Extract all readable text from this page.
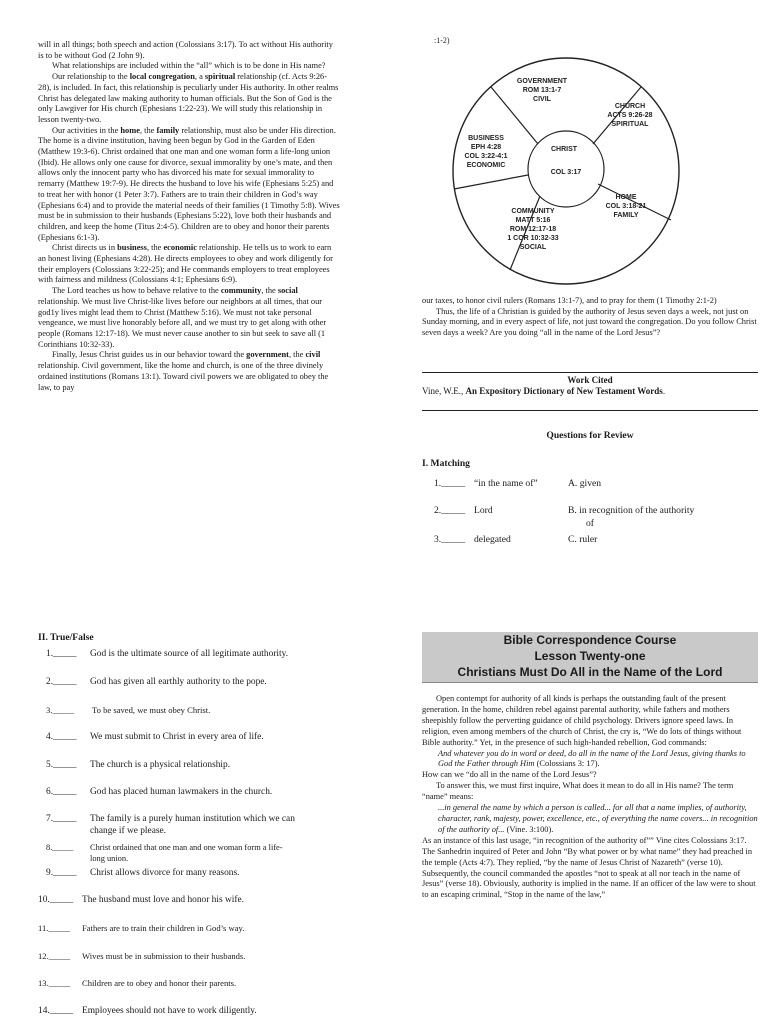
will in all things; both speech and action (Colossians 3:17). To act without His authority is to be without God (2 John 9).

What relationships are included within the “all” which is to be done in His name?

Our relationship to the local congregation, a spiritual relationship (cf. Acts 9:26-28), is included. In fact, this relationship is peculiarly under His authority. In other realms Christ has delegated law making authority to human officials. But the Son of God is the only Lawgiver for His church (Ephesians 1:22-23). We will study this relationship in lesson twenty-two.

Our activities in the home, the family relationship, must also be under His direction. The home is a divine institution, having been begun by God in the Garden of Eden (Matthew 19:3-6). Christ ordained that one man and one woman form a life-long union (Ibid). He allows only one cause for divorce, sexual immorality by one’s mate, and then allows only the innocent party who has divorced his mate for sexual immorality to remarry (Matthew 19:7-9). He directs the husband to love his wife (Ephesians 5:25) and to treat her with honor (1 Peter 3:7). Fathers are to train their children in God’s way (Ephesians 6:4) and to provide the material needs of their families (1 Timothy 5:8). Wives must be in submission to their husbands (Ephesians 5:22), love both their husbands and children, and keep the home (Titus 2:4-5). Children are to obey and honor their parents (Ephesians 6:1-3).

Christ directs us in business, the economic relationship. He tells us to work to earn an honest living (Ephesians 4:28). He directs employees to obey and work diligently for their employers (Colossians 3:22-25); and He commands employers to treat employees with fairness and mildness (Colossians 4:1; Ephesians 6:9).

The Lord teaches us how to behave relative to the community, the social relationship. We must live Christ-like lives before our neighbors at all times, that our god1y lives might lead them to Christ (Matthew 5:16). We must not take personal vengeance, we must live honorably before all, and we must try to get along with other people (Romans 12:17-18). We must never cause another to sin but seek to save all (1 Corinthians 10:32-33).

Finally, Jesus Christ guides us in our behavior toward the government, the civil relationship. Civil government, like the home and church, is one of the three divinely ordained institutions (Romans 13:1). Toward civil powers we are obligated to obey the law, to pay

:1-2)
GOVERNMENT
ROM 13:1-7
CIVIL
CHURCH
ACTS 9:26-28
SPIRITUAL
BUSINESS
EPH 4:28
COL 3:22-4:1
ECONOMIC
CHRIST
COL 3:17
HOME
COL 3:18-21
FAMILY
COMMUNITY
MATT 5:16
ROM 12:17-18
1 COR 10:32-33
SOCIAL

our taxes, to honor civil rulers (Romans 13:1-7), and to pray for them (1 Timothy 2:1-2)

Thus, the life of a Christian is guided by the authority of Jesus seven days a week, not just on Sunday morning, and in every aspect of life, not just toward the congregation. Do you follow Christ seven days a week? Are you doing “all in the name of the Lord Jesus”?

Work Cited
Vine, W.E., An Expository Dictionary of New Testament Words.
Questions for Review
I. Matching
1._____ “in the name of”	A. given
2._____ Lord	B. in recognition of the authority
of
3._____ delegated	C. ruler
II. True/False
1._____ God is the ultimate source of all legitimate authority.
2._____ God has given all earthly authority to the pope.
3._____ To be saved, we must obey Christ.
4._____ We must submit to Christ in every area of life.
5._____ The church is a physical relationship.
6._____ God has placed human lawmakers in the church.
7._____ The family is a purely human institution which we can
change if we please.
8._____ Christ ordained that one man and one woman form a life-
long union.
9._____ Christ allows divorce for many reasons.
10._____ The husband must love and honor his wife.
11._____ Fathers are to train their children in God’s way.
12._____ Wives must be in submission to their husbands.
13._____ Children are to obey and honor their parents.
14._____ Employees should not have to work diligently.
Bible Correspondence Course
Lesson Twenty-one
Christians Must Do All in the Name of the Lord

Open contempt for authority of all kinds is perhaps the outstanding fault of the present generation. In the home, children rebel against parental authority, while fathers and mothers sheepishly follow the perverting guidance of child psychology. Drivers ignore speed laws. In religion, even among members of the church of Christ, the cry is, “We do lots of things without Bible authority.” Yet, in the presence of such high-handed rebellion, God commands:

And whatever you do in word or deed, do all in the name of the Lord Jesus, giving thanks to God the Father through Him (Colossians 3: 17).

How can we “do all in the name of the Lord Jesus”?

To answer this, we must first inquire, What does it mean to do all in His name? The term “name” means:

...in general the name by which a person is called... for all that a name implies, of authority, character, rank, majesty, power, excellence, etc., of everything the name covers... in recognition of the authority of... (Vine. 3:100).

As an instance of this last usage, “in recognition of the authority of”” Vine cites Colossians 3:17. The Sanhedrin inquired of Peter and John “By what power or by what name” they had preached in the temple (Acts 4:7). They replied, “by the name of Jesus Christ of Nazareth” (verse 10). Subsequently, the council commanded the apostles “not to speak at all nor teach in the name of Jesus” (verse 18). Obviously, authority is implied in the name. If an officer of the law were to shout to an escaping criminal, “Stop in the name of the law,”
